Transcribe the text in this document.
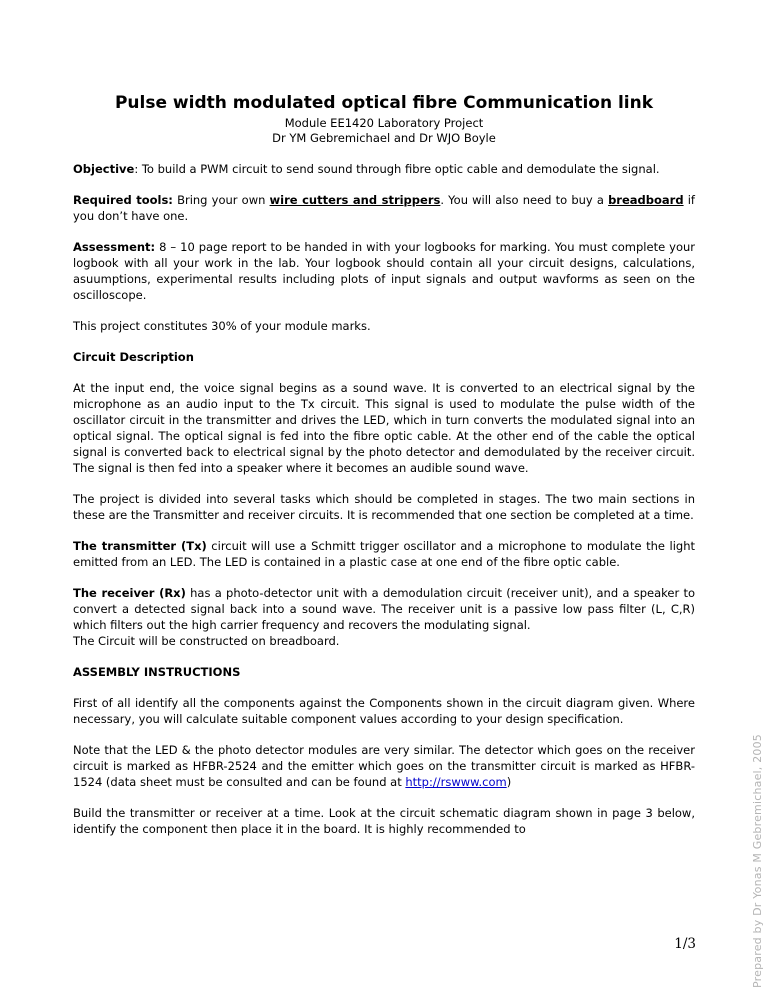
Pulse width modulated optical fibre Communication link
Module EE1420 Laboratory Project
Dr YM Gebremichael and Dr WJO Boyle

Objective: To build a PWM circuit to send sound through fibre optic cable and demodulate the signal.

Required tools: Bring your own wire cutters and strippers. You will also need to buy a breadboard if you don’t have one.

Assessment: 8 – 10 page report to be handed in with your logbooks for marking. You must complete your logbook with all your work in the lab. Your logbook should contain all your circuit designs, calculations, asuumptions, experimental results including plots of input signals and output wavforms as seen on the oscilloscope.

This project constitutes 30% of your module marks.

Circuit Description

At the input end, the voice signal begins as a sound wave. It is converted to an electrical signal by the microphone as an audio input to the Tx circuit. This signal is used to modulate the pulse width of the oscillator circuit in the transmitter and drives the LED, which in turn converts the modulated signal into an optical signal. The optical signal is fed into the fibre optic cable. At the other end of the cable the optical signal is converted back to electrical signal by the photo detector and demodulated by the receiver circuit. The signal is then fed into a speaker where it becomes an audible sound wave.

The project is divided into several tasks which should be completed in stages. The two main sections in these are the Transmitter and receiver circuits. It is recommended that one section be completed at a time.

The transmitter (Tx) circuit will use a Schmitt trigger oscillator and a microphone to modulate the light emitted from an LED. The LED is contained in a plastic case at one end of the fibre optic cable.

The receiver (Rx) has a photo-detector unit with a demodulation circuit (receiver unit), and a speaker to convert a detected signal back into a sound wave. The receiver unit is a passive low pass filter (L, C,R) which filters out the high carrier frequency and recovers the modulating signal.
The Circuit will be constructed on breadboard.

ASSEMBLY INSTRUCTIONS

First of all identify all the components against the Components shown in the circuit diagram given. Where necessary, you will calculate suitable component values according to your design specification.

Note that the LED & the photo detector modules are very similar. The detector which goes on the receiver circuit is marked as HFBR-2524 and the emitter which goes on the transmitter circuit is marked as HFBR-1524 (data sheet must be consulted and can be found at http://rswww.com)

Build the transmitter or receiver at a time. Look at the circuit schematic diagram shown in page 3 below, identify the component then place it in the board. It is highly recommended to

1/3	Prepared by Dr Yonas M Gebremichael, 2005
